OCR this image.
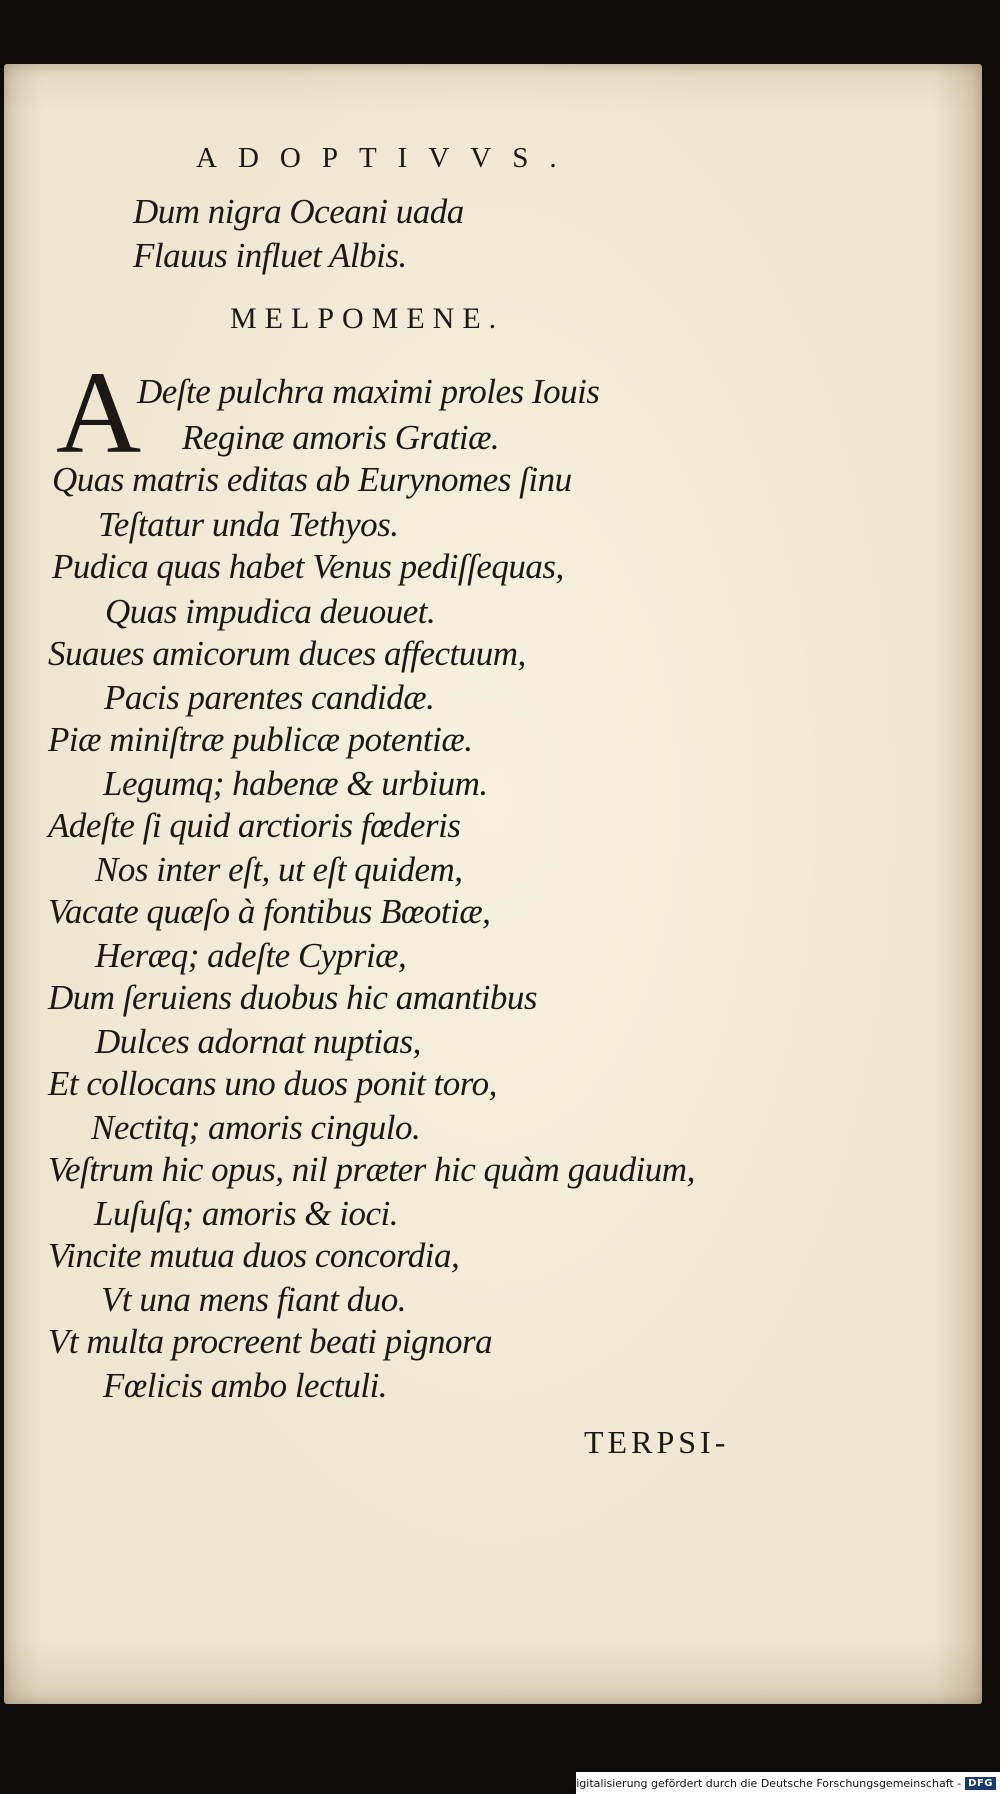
ADOPTIVVS.
Dum nigra Oceani uada
Flauus influet Albis.
MELPOMENE.
A
Deſte pulchra maximi proles Iouis
Reginæ amoris Gratiæ.
Quas matris editas ab Eurynomes ſinu
Teſtatur unda Tethyos.
Pudica quas habet Venus pediſſequas,
Quas impudica deuouet.
Suaues amicorum duces affectuum,
Pacis parentes candidæ.
Piæ miniſtræ publicæ potentiæ.
Legumq; habenæ & urbium.
Adeſte ſi quid arctioris fœderis
Nos inter eſt, ut eſt quidem,
Vacate quæſo à fontibus Bœotiæ,
Heræq; adeſte Cypriæ,
Dum ſeruiens duobus hic amantibus
Dulces adornat nuptias,
Et collocans uno duos ponit toro,
Nectitq; amoris cingulo.
Veſtrum hic opus, nil præter hic quàm gaudium,
Luſuſq; amoris & ioci.
Vincite mutua duos concordia,
Vt una mens fiant duo.
Vt multa procreent beati pignora
Fœlicis ambo lectuli.
TERPSI-
Digitalisierung gefördert durch die Deutsche Forschungsgemeinschaft - DFG
